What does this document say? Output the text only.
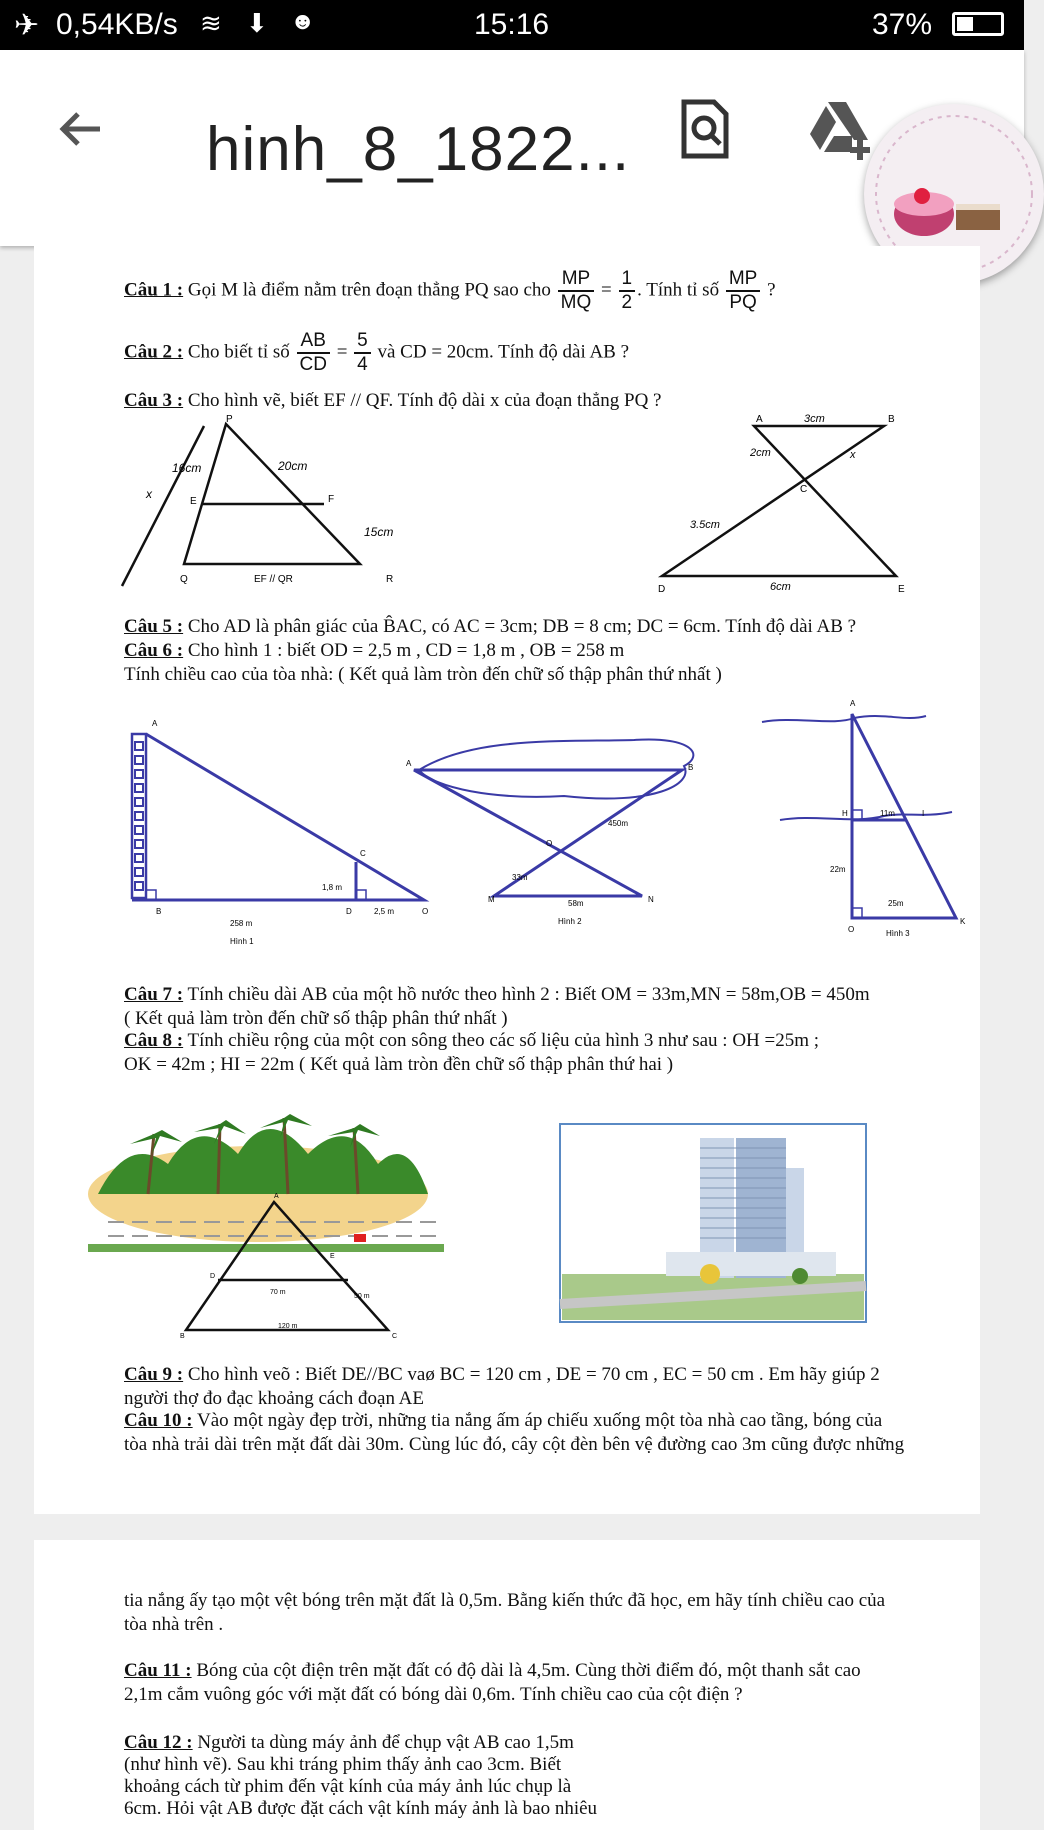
✈ 0,54KB/s ≋ ⬇ ☻	15:16	37%
hinh_8_1822...
Câu 1 : Gọi M là điểm nằm trên đoạn thẳng PQ sao cho $\frac{MP}{MQ} = \frac{1}{2}$ . Tính tỉ số $\frac{MP}{PQ}$ ?
Câu 2 : Cho biết tỉ số $\frac{AB}{CD} = \frac{5}{4}$ và CD = 20cm. Tính độ dài AB ?
Câu 3 : Cho hình vẽ, biết EF // QF. Tính độ dài x của đoạn thẳng PQ ?
P
E	F
Q	R
x
16cm	20cm
15cm
EF // QR
A	B
C
D	E
3cm
2cm	x
3.5cm
6cm
Câu 5 : Cho AD là phân giác của B̂AC, có AC = 3cm; DB = 8 cm; DC = 6cm. Tính độ dài AB ?
Câu 6 : Cho hình 1 : biết OD = 2,5 m , CD = 1,8 m , OB = 258 m
Tính chiều cao của tòa nhà: ( Kết quả làm tròn đến chữ số thập phân thứ nhất )
A
C
B	D	O
1,8 m
258 m
2,5 m
Hình 1
A	B
O
M	N
450m
33m
58m
Hình 2
A
H	I
O
K
11m
22m
25m
Hình 3
Câu 7 : Tính chiều dài AB của một hồ nước theo hình 2 : Biết OM = 33m,MN = 58m,OB = 450m
( Kết quả làm tròn đến chữ số thập phân thứ nhất )
Câu 8 : Tính chiều rộng của một con sông theo các số liệu của hình 3 như sau : OH =25m ;
OK = 42m ; HI = 22m ( Kết quả làm tròn đền chữ số thập phân thứ hai )
A
B	C
D
E
70 m
50 m
120 m
Câu 9 : Cho hình veõ : Biết DE//BC vaø BC = 120 cm , DE = 70 cm , EC = 50 cm . Em hãy giúp 2
người thợ đo đạc khoảng cách đoạn AE
Câu 10 : Vào một ngày đẹp trời, những tia nắng ấm áp chiếu xuống một tòa nhà cao tầng, bóng của
tòa nhà trải dài trên mặt đất dài 30m. Cùng lúc đó, cây cột đèn bên vệ đường cao 3m cũng được những
tia nắng ấy tạo một vệt bóng trên mặt đất là 0,5m. Bằng kiến thức đã học, em hãy tính chiều cao của
tòa nhà trên .
Câu 11 : Bóng của cột điện trên mặt đất có độ dài là 4,5m. Cùng thời điểm đó, một thanh sắt cao
2,1m cắm vuông góc với mặt đất có bóng dài 0,6m. Tính chiều cao của cột điện ?
Câu 12 : Người ta dùng máy ảnh để chụp vật AB cao 1,5m
(như hình vẽ). Sau khi tráng phim thấy ảnh cao 3cm. Biết
khoảng cách từ phim đến vật kính của máy ảnh lúc chụp là
6cm. Hỏi vật AB được đặt cách vật kính máy ảnh là bao nhiêu
